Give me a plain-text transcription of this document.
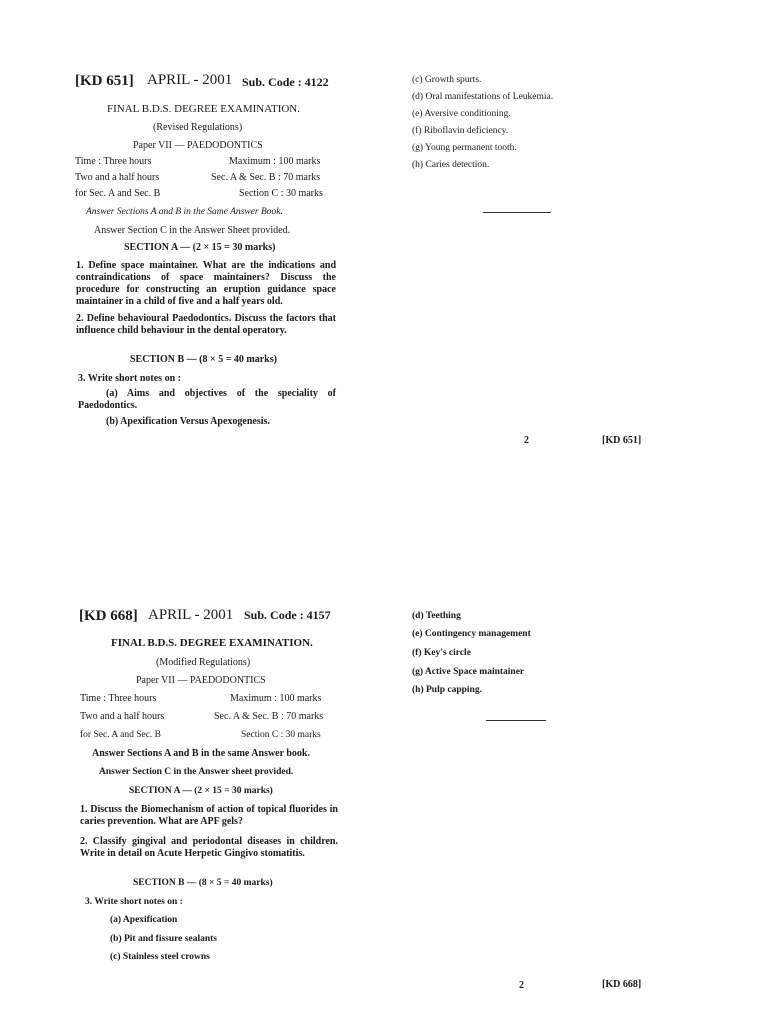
[KD 651] APRIL - 2001 Sub. Code : 4122
FINAL B.D.S. DEGREE EXAMINATION.
(Revised Regulations)
Paper VII — PAEDODONTICS
Time : Three hours	Maximum : 100 marks
Two and a half hours	Sec. A & Sec. B : 70 marks
for Sec. A and Sec. B	Section C : 30 marks
Answer Sections A and B in the Same Answer Book.
Answer Section C in the Answer Sheet provided.
SECTION A — (2 × 15 = 30 marks)
1. Define space maintainer. What are the indications and contraindications of space maintainers? Discuss the procedure for constructing an eruption guidance space maintainer in a child of five and a half years old.
2. Define behavioural Paedodontics. Discuss the factors that influence child behaviour in the dental operatory.
SECTION B — (8 × 5 = 40 marks)
3. Write short notes on :
(a) Aims and objectives of the speciality of Paedodontics.
(b) Apexification Versus Apexogenesis.
(c) Growth spurts.
(d) Oral manifestations of Leukemia.
(e) Aversive conditioning.
(f) Riboflavin deficiency.
(g) Young permanent tooth.
(h) Caries detection.
2	[KD 651]
[KD 668] APRIL - 2001 Sub. Code : 4157
FINAL B.D.S. DEGREE EXAMINATION.
(Modified Regulations)
Paper VII — PAEDODONTICS
Time : Three hours	Maximum : 100 marks
Two and a half hours	Sec. A & Sec. B : 70 marks
for Sec. A and Sec. B	Section C : 30 marks
Answer Sections A and B in the same Answer book.
Answer Section C in the Answer sheet provided.
SECTION A — (2 × 15 = 30 marks)
1. Discuss the Biomechanism of action of topical fluorides in caries prevention. What are APF gels?
2. Classify gingival and periodontal diseases in children. Write in detail on Acute Herpetic Gingivo stomatitis.
SECTION B — (8 × 5 = 40 marks)
3. Write short notes on :
(a) Apexification
(b) Pit and fissure sealants
(c) Stainless steel crowns
(d) Teething
(e) Contingency management
(f) Key's circle
(g) Active Space maintainer
(h) Pulp capping.
2	[KD 668]
